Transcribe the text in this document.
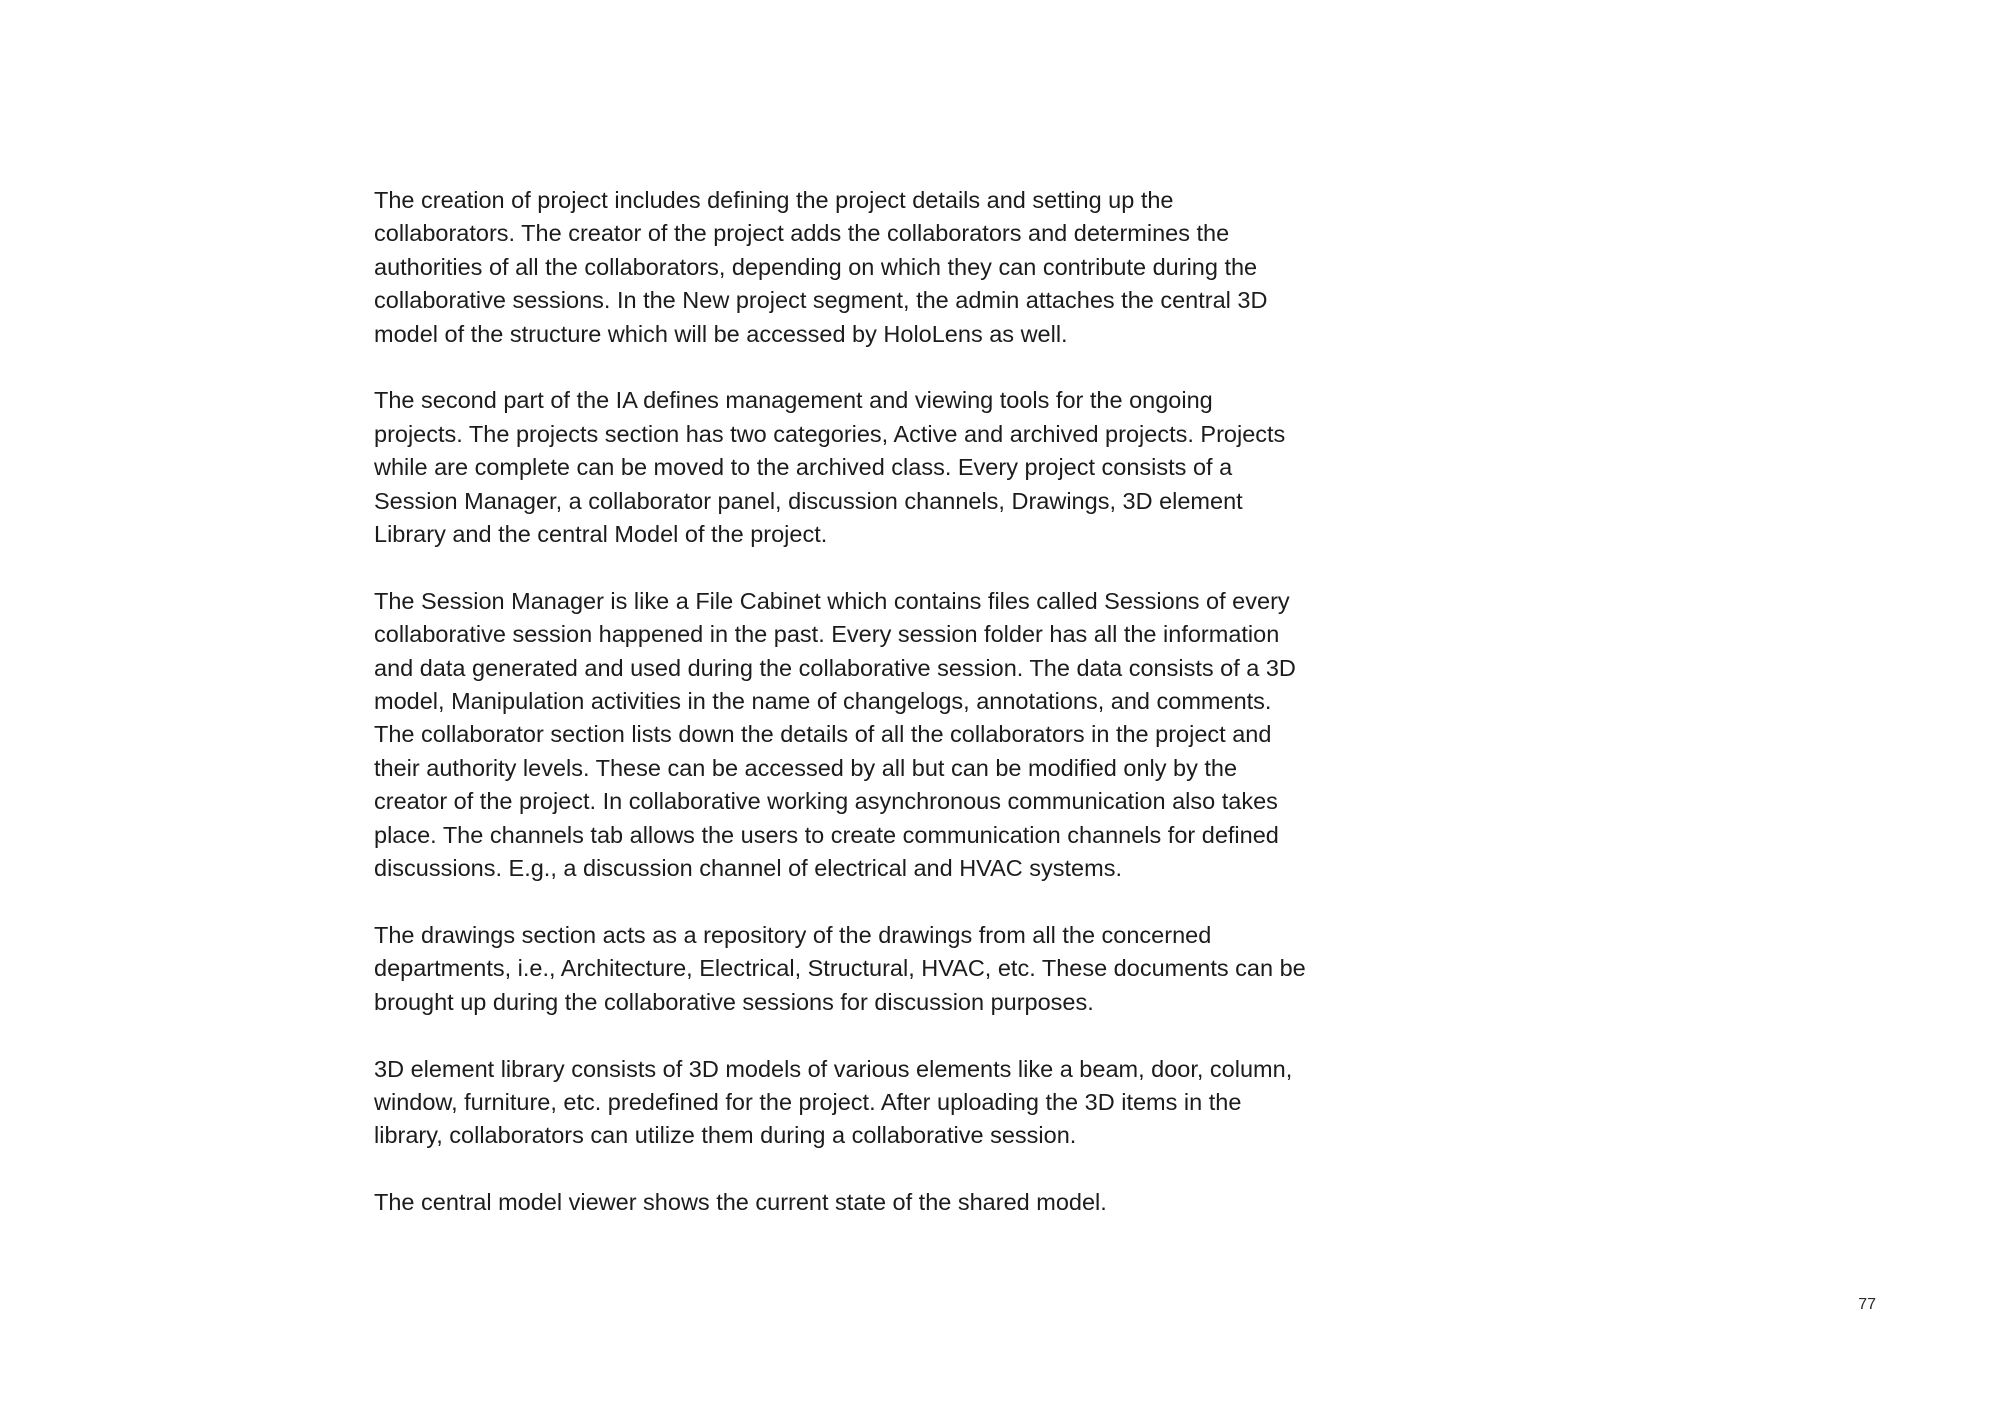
The creation of project includes defining the project details and setting up the
collaborators. The creator of the project adds the collaborators and determines the
authorities of all the collaborators, depending on which they can contribute during the
collaborative sessions. In the New project segment, the admin attaches the central 3D
model of the structure which will be accessed by HoloLens as well.

The second part of the IA defines management and viewing tools for the ongoing
projects. The projects section has two categories, Active and archived projects. Projects
while are complete can be moved to the archived class. Every project consists of a
Session Manager, a collaborator panel, discussion channels, Drawings, 3D element
Library and the central Model of the project.

The Session Manager is like a File Cabinet which contains files called Sessions of every
collaborative session happened in the past. Every session folder has all the information
and data generated and used during the collaborative session. The data consists of a 3D
model, Manipulation activities in the name of changelogs, annotations, and comments.
The collaborator section lists down the details of all the collaborators in the project and
their authority levels. These can be accessed by all but can be modified only by the
creator of the project. In collaborative working asynchronous communication also takes
place. The channels tab allows the users to create communication channels for defined
discussions. E.g., a discussion channel of electrical and HVAC systems.

The drawings section acts as a repository of the drawings from all the concerned
departments, i.e., Architecture, Electrical, Structural, HVAC, etc. These documents can be
brought up during the collaborative sessions for discussion purposes.

3D element library consists of 3D models of various elements like a beam, door, column,
window, furniture, etc. predefined for the project. After uploading the 3D items in the
library, collaborators can utilize them during a collaborative session.

The central model viewer shows the current state of the shared model.

77
